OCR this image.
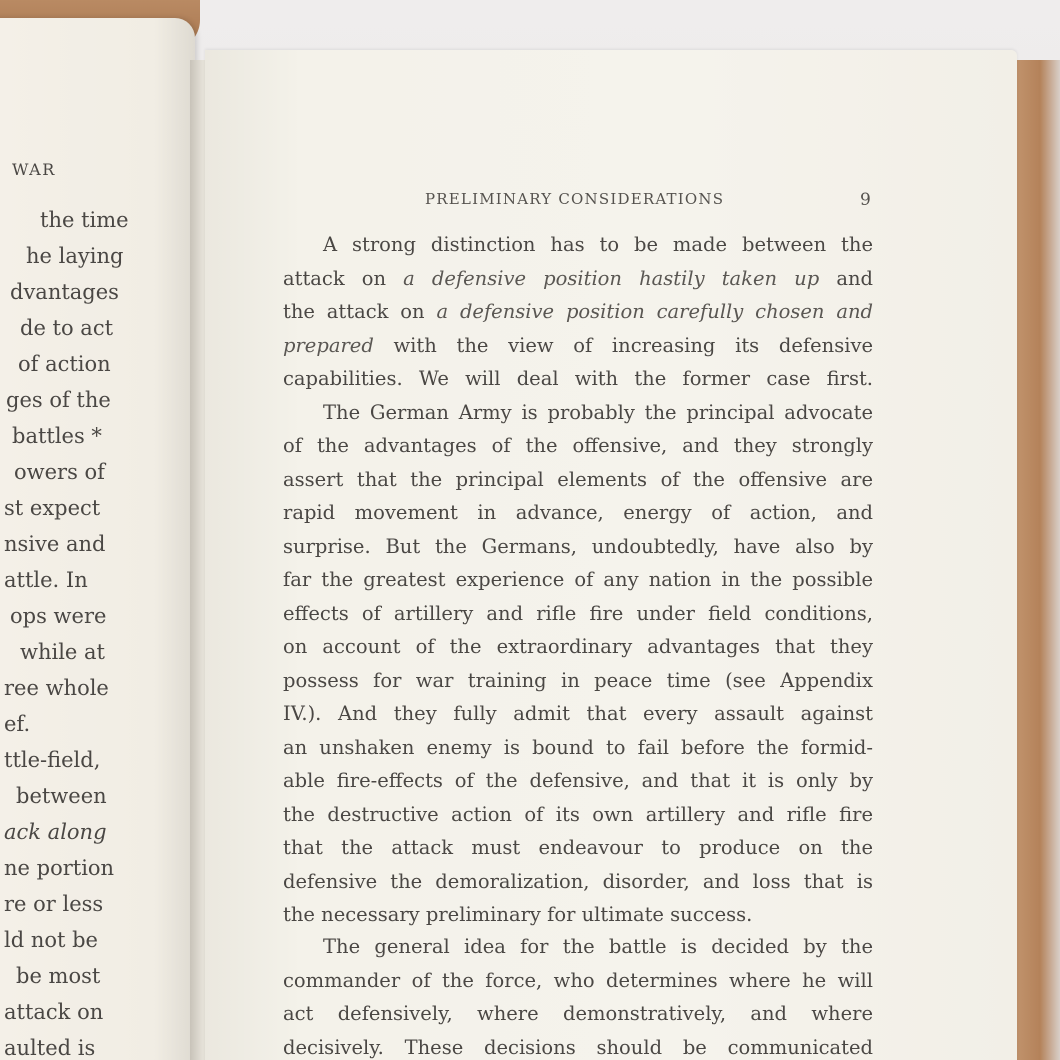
WAR
the time
he laying
dvantages
de to act
of action
ges of the
battles *
owers of
st expect
nsive and
attle. In
ops were
while at
ree whole
ef.
ttle-field,
between
ack along
ne portion
re or less
ld not be
be most
attack on
aulted is
PRELIMINARY CONSIDERATIONS	9
A strong distinction has to be made between the
attack on a defensive position hastily taken up and
the attack on a defensive position carefully chosen and
prepared with the view of increasing its defensive
capabilities. We will deal with the former case first.
The German Army is probably the principal advocate
of the advantages of the offensive, and they strongly
assert that the principal elements of the offensive are
rapid movement in advance, energy of action, and
surprise. But the Germans, undoubtedly, have also by
far the greatest experience of any nation in the possible
effects of artillery and rifle fire under field conditions,
on account of the extraordinary advantages that they
possess for war training in peace time (see Appendix
IV.). And they fully admit that every assault against
an unshaken enemy is bound to fail before the formid-
able fire-effects of the defensive, and that it is only by
the destructive action of its own artillery and rifle fire
that the attack must endeavour to produce on the
defensive the demoralization, disorder, and loss that is
the necessary preliminary for ultimate success.
The general idea for the battle is decided by the
commander of the force, who determines where he will
act defensively, where demonstratively, and where
decisively. These decisions should be communicated
